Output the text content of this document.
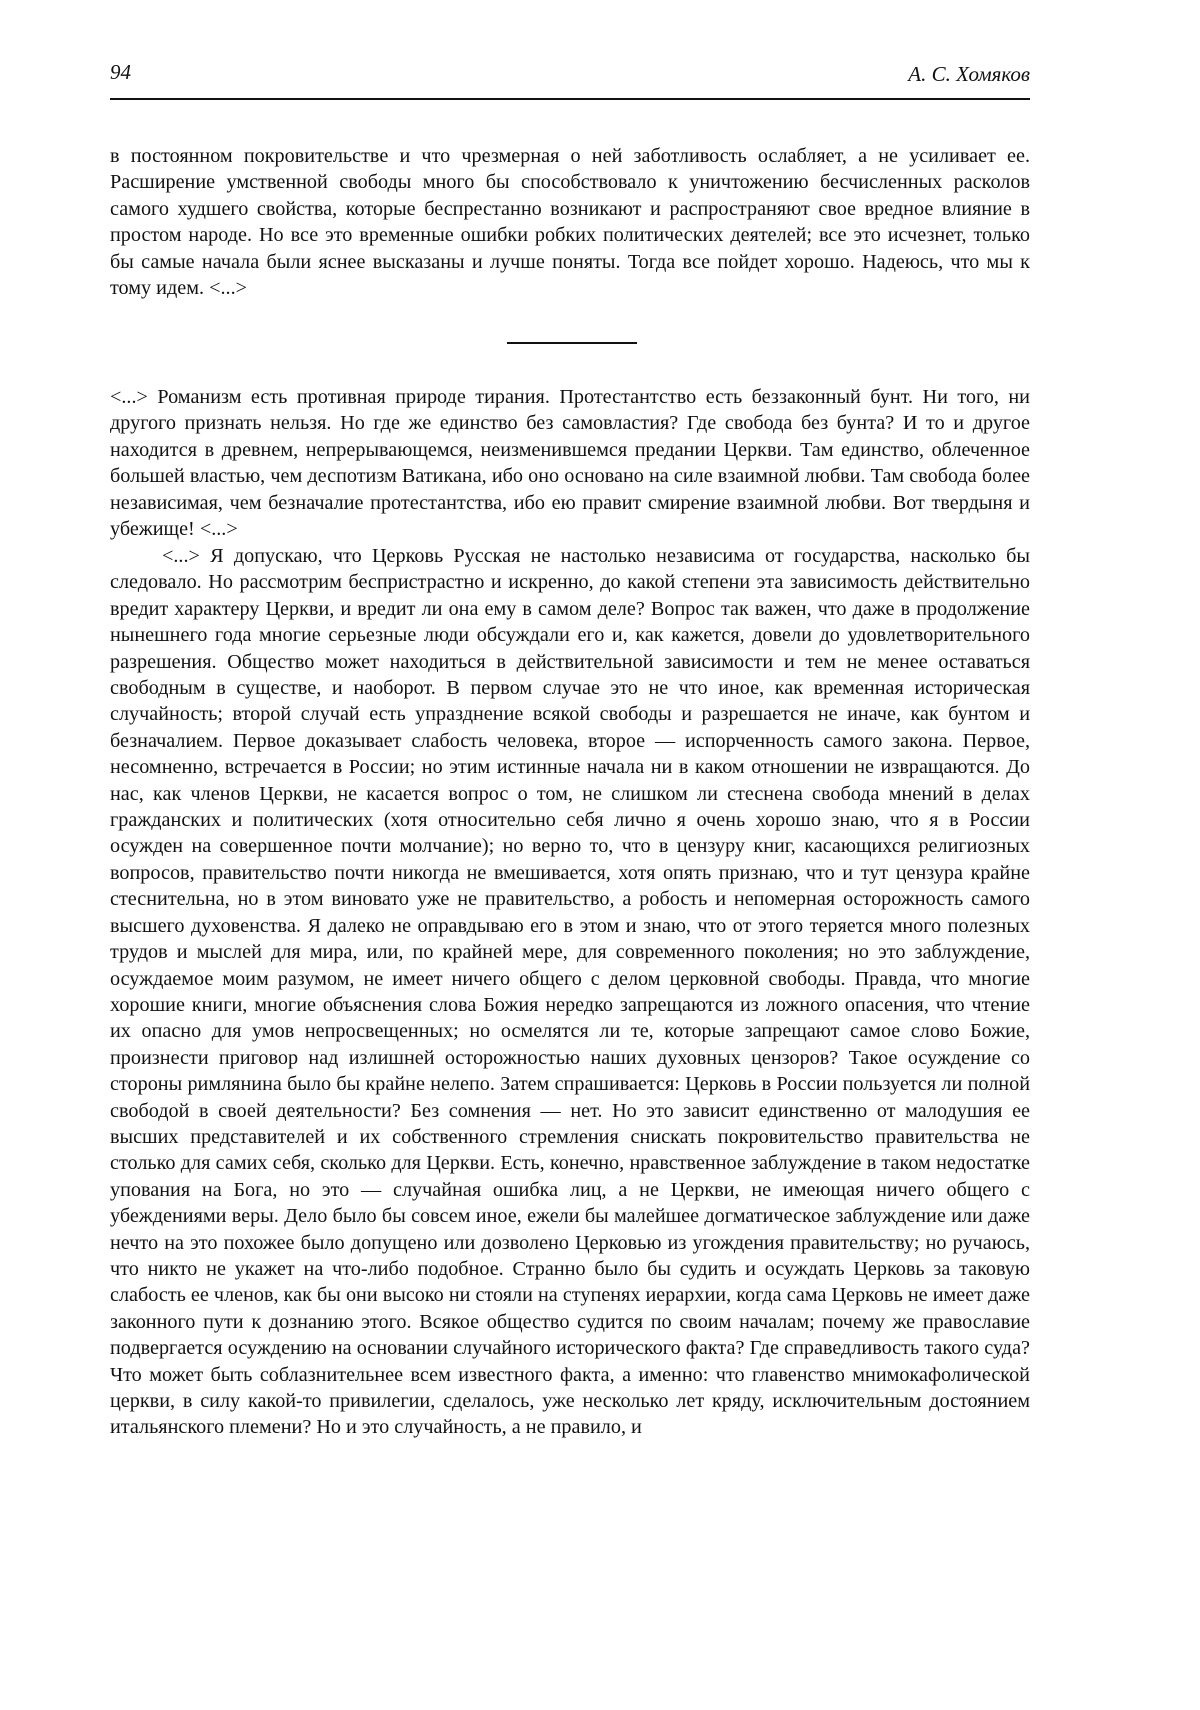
94	А. С. Хомяков

в постоянном покровительстве и что чрезмерная о ней заботливость ослабляет, а не усиливает ее. Расширение умственной свободы много бы способствовало к уничтожению бесчисленных расколов самого худшего свойства, которые беспрестанно возникают и распространяют свое вредное влияние в простом народе. Но все это временные ошибки робких политических деятелей; все это исчезнет, только бы самые начала были яснее высказаны и лучше поняты. Тогда все пойдет хорошо. Надеюсь, что мы к тому идем. <...>

<...> Романизм есть противная природе тирания. Протестантство есть беззаконный бунт. Ни того, ни другого признать нельзя. Но где же единство без самовластия? Где свобода без бунта? И то и другое находится в древнем, непрерывающемся, неизменившемся предании Церкви. Там единство, облеченное большей властью, чем деспотизм Ватикана, ибо оно основано на силе взаимной любви. Там свобода более независимая, чем безначалие протестантства, ибо ею правит смирение взаимной любви. Вот твердыня и убежище! <...>

<...> Я допускаю, что Церковь Русская не настолько независима от государства, насколько бы следовало. Но рассмотрим беспристрастно и искренно, до какой степени эта зависимость действительно вредит характеру Церкви, и вредит ли она ему в самом деле? Вопрос так важен, что даже в продолжение нынешнего года многие серьезные люди обсуждали его и, как кажется, довели до удовлетворительного разрешения. Общество может находиться в действительной зависимости и тем не менее оставаться свободным в существе, и наоборот. В первом случае это не что иное, как временная историческая случайность; второй случай есть упразднение всякой свободы и разрешается не иначе, как бунтом и безначалием. Первое доказывает слабость человека, второе — испорченность самого закона. Первое, несомненно, встречается в России; но этим истинные начала ни в каком отношении не извращаются. До нас, как членов Церкви, не касается вопрос о том, не слишком ли стеснена свобода мнений в делах гражданских и политических (хотя относительно себя лично я очень хорошо знаю, что я в России осужден на совершенное почти молчание); но верно то, что в цензуру книг, касающихся религиозных вопросов, правительство почти никогда не вмешивается, хотя опять признаю, что и тут цензура крайне стеснительна, но в этом виновато уже не правительство, а робость и непомерная осторожность самого высшего духовенства. Я далеко не оправдываю его в этом и знаю, что от этого теряется много полезных трудов и мыслей для мира, или, по крайней мере, для современного поколения; но это заблуждение, осуждаемое моим разумом, не имеет ничего общего с делом церковной свободы. Правда, что многие хорошие книги, многие объяснения слова Божия нередко запрещаются из ложного опасения, что чтение их опасно для умов непросвещенных; но осмелятся ли те, которые запрещают самое слово Божие, произнести приговор над излишней осторожностью наших духовных цензоров? Такое осуждение со стороны римлянина было бы крайне нелепо. Затем спрашивается: Церковь в России пользуется ли полной свободой в своей деятельности? Без сомнения — нет. Но это зависит единственно от малодушия ее высших представителей и их собственного стремления снискать покровительство правительства не столько для самих себя, сколько для Церкви. Есть, конечно, нравственное заблуждение в таком недостатке упования на Бога, но это — случайная ошибка лиц, а не Церкви, не имеющая ничего общего с убеждениями веры. Дело было бы совсем иное, ежели бы малейшее догматическое заблуждение или даже нечто на это похожее было допущено или дозволено Церковью из угождения правительству; но ручаюсь, что никто не укажет на что-либо подобное. Странно было бы судить и осуждать Церковь за таковую слабость ее членов, как бы они высоко ни стояли на ступенях иерархии, когда сама Церковь не имеет даже законного пути к дознанию этого. Всякое общество судится по своим началам; почему же православие подвергается осуждению на основании случайного исторического факта? Где справедливость такого суда? Что может быть соблазнительнее всем известного факта, а именно: что главенство мнимокафолической церкви, в силу какой-то привилегии, сделалось, уже несколько лет кряду, исключительным достоянием итальянского племени? Но и это случайность, а не правило, и
